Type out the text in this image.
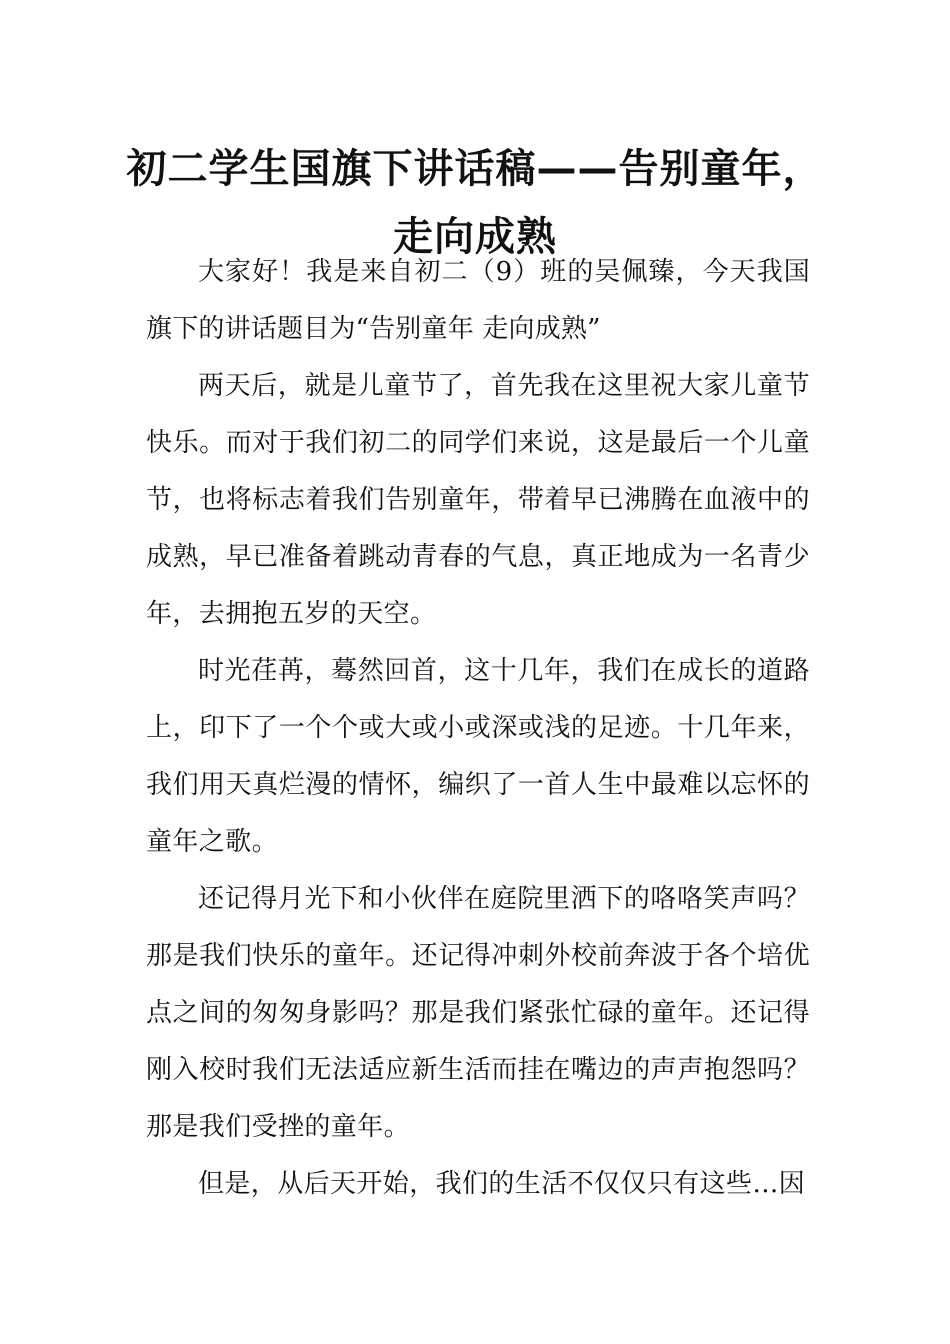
初二学生国旗下讲话稿——告别童年，
走向成熟

大家好！我是来自初二（9）班的吴佩臻，今天我国旗下的讲话题目为“告别童年 走向成熟”

两天后，就是儿童节了，首先我在这里祝大家儿童节快乐。而对于我们初二的同学们来说，这是最后一个儿童节，也将标志着我们告别童年，带着早已沸腾在血液中的成熟，早已准备着跳动青春的气息，真正地成为一名青少年，去拥抱五岁的天空。

时光荏苒，蓦然回首，这十几年，我们在成长的道路上，印下了一个个或大或小或深或浅的足迹。十几年来，我们用天真烂漫的情怀，编织了一首人生中最难以忘怀的童年之歌。

还记得月光下和小伙伴在庭院里洒下的咯咯笑声吗？那是我们快乐的童年。还记得冲刺外校前奔波于各个培优点之间的匆匆身影吗？那是我们紧张忙碌的童年。还记得刚入校时我们无法适应新生活而挂在嘴边的声声抱怨吗？那是我们受挫的童年。

但是，从后天开始，我们的生活不仅仅只有这些…因
